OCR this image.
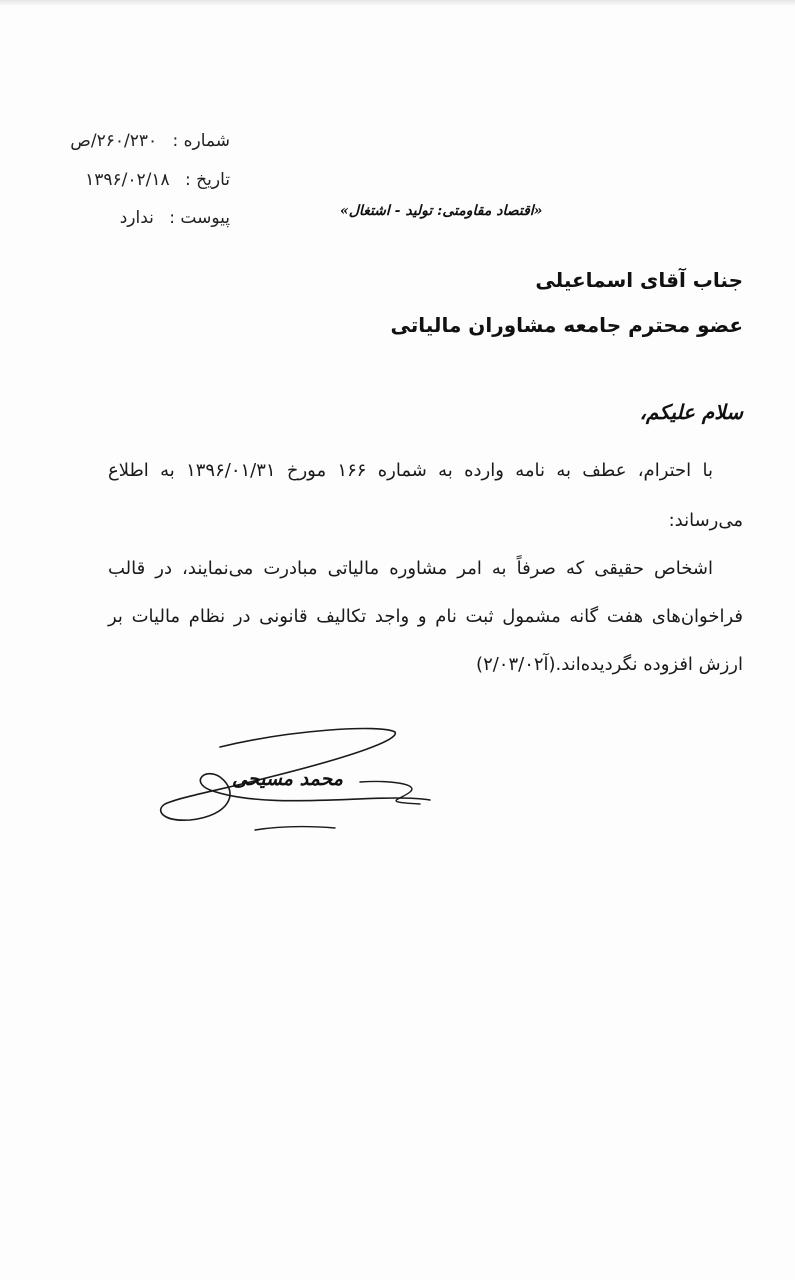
شماره : ۲۶۰/۲۳۰/ص
تاریخ : ۱۳۹۶/۰۲/۱۸
پیوست : ندارد	«اقتصاد مقاومتی: تولید - اشتغال»
جناب آقای اسماعیلی
عضو محترم جامعه مشاوران مالیاتی
سلام علیکم،
با احترام، عطف به نامه وارده به شماره ۱۶۶ مورخ ۱۳۹۶/۰۱/۳۱ به اطلاع می‌رساند:
اشخاص حقیقی که صرفاً به امر مشاوره مالیاتی مبادرت می‌نمایند، در قالب فراخوان‌های هفت گانه مشمول ثبت نام و واجد تکالیف قانونی در نظام مالیات بر ارزش افزوده نگردیده‌اند.(آ۲/۰۳/۰۲)
محمد مسیحی
